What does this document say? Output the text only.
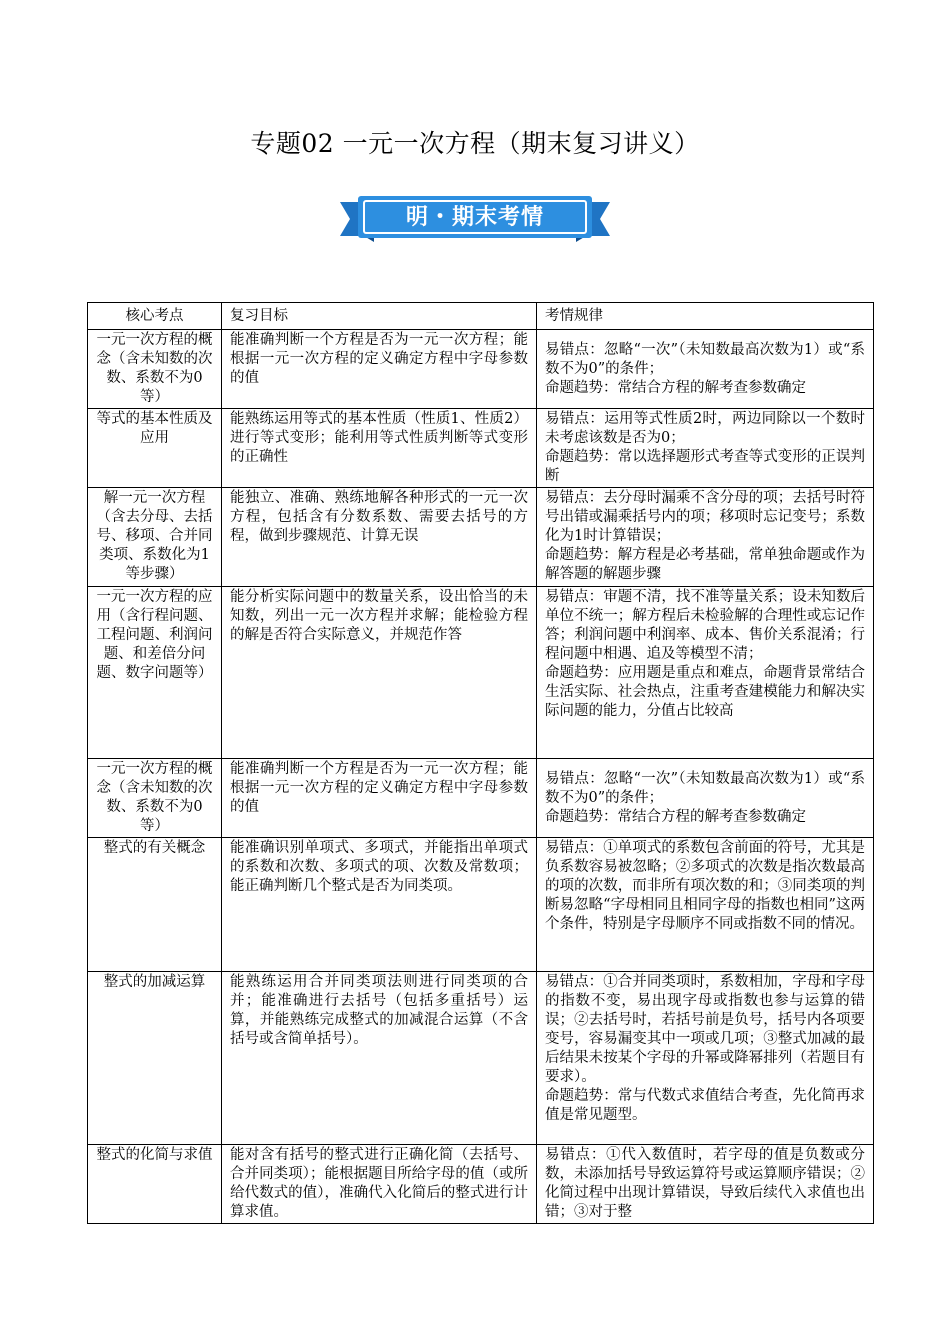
专题02 一元一次方程（期末复习讲义）
明・期末考情
核心考点	复习目标	考情规律
一元一次方程的概念（含未知数的次数、系数不为0等）	能准确判断一个方程是否为一元一次方程；能根据一元一次方程的定义确定方程中字母参数的值	易错点：忽略“一次”（未知数最高次数为1）或“系数不为0”的条件；
命题趋势：常结合方程的解考查参数确定

等式的基本性质及应用	能熟练运用等式的基本性质（性质1、性质2）进行等式变形；能利用等式性质判断等式变形的正确性	易错点：运用等式性质2时，两边同除以一个数时未考虑该数是否为0；
命题趋势：常以选择题形式考查等式变形的正误判断

解一元一次方程（含去分母、去括号、移项、合并同类项、系数化为1等步骤）	能独立、准确、熟练地解各种形式的一元一次方程，包括含有分数系数、需要去括号的方程，做到步骤规范、计算无误	易错点：去分母时漏乘不含分母的项；去括号时符号出错或漏乘括号内的项；移项时忘记变号；系数化为1时计算错误；
命题趋势：解方程是必考基础，常单独命题或作为解答题的解题步骤

一元一次方程的应用（含行程问题、工程问题、利润问题、和差倍分问题、数字问题等）	能分析实际问题中的数量关系，设出恰当的未知数，列出一元一次方程并求解；能检验方程的解是否符合实际意义，并规范作答	易错点：审题不清，找不准等量关系；设未知数后单位不统一；解方程后未检验解的合理性或忘记作答；利润问题中利润率、成本、售价关系混淆；行程问题中相遇、追及等模型不清；
命题趋势：应用题是重点和难点，命题背景常结合生活实际、社会热点，注重考查建模能力和解决实际问题的能力，分值占比较高

一元一次方程的概念（含未知数的次数、系数不为0等）	能准确判断一个方程是否为一元一次方程；能根据一元一次方程的定义确定方程中字母参数的值	易错点：忽略“一次”（未知数最高次数为1）或“系数不为0”的条件；
命题趋势：常结合方程的解考查参数确定

整式的有关概念	能准确识别单项式、多项式，并能指出单项式的系数和次数、多项式的项、次数及常数项；能正确判断几个整式是否为同类项。	易错点：①单项式的系数包含前面的符号，尤其是负系数容易被忽略；②多项式的次数是指次数最高的项的次数，而非所有项次数的和；③同类项的判断易忽略“字母相同且相同字母的指数也相同”这两个条件，特别是字母顺序不同或指数不同的情况。

整式的加减运算	能熟练运用合并同类项法则进行同类项的合并；能准确进行去括号（包括多重括号）运算，并能熟练完成整式的加减混合运算（不含括号或含简单括号）。	易错点：①合并同类项时，系数相加，字母和字母的指数不变，易出现字母或指数也参与运算的错误；②去括号时，若括号前是负号，括号内各项要变号，容易漏变其中一项或几项；③整式加减的最后结果未按某个字母的升幂或降幂排列（若题目有要求）。
命题趋势：常与代数式求值结合考查，先化简再求值是常见题型。

整式的化简与求值	能对含有括号的整式进行正确化简（去括号、合并同类项）；能根据题目所给字母的值（或所给代数式的值），准确代入化简后的整式进行计算求值。	易错点：①代入数值时，若字母的值是负数或分数，未添加括号导致运算符号或运算顺序错误；②化简过程中出现计算错误，导致后续代入求值也出错；③对于整
